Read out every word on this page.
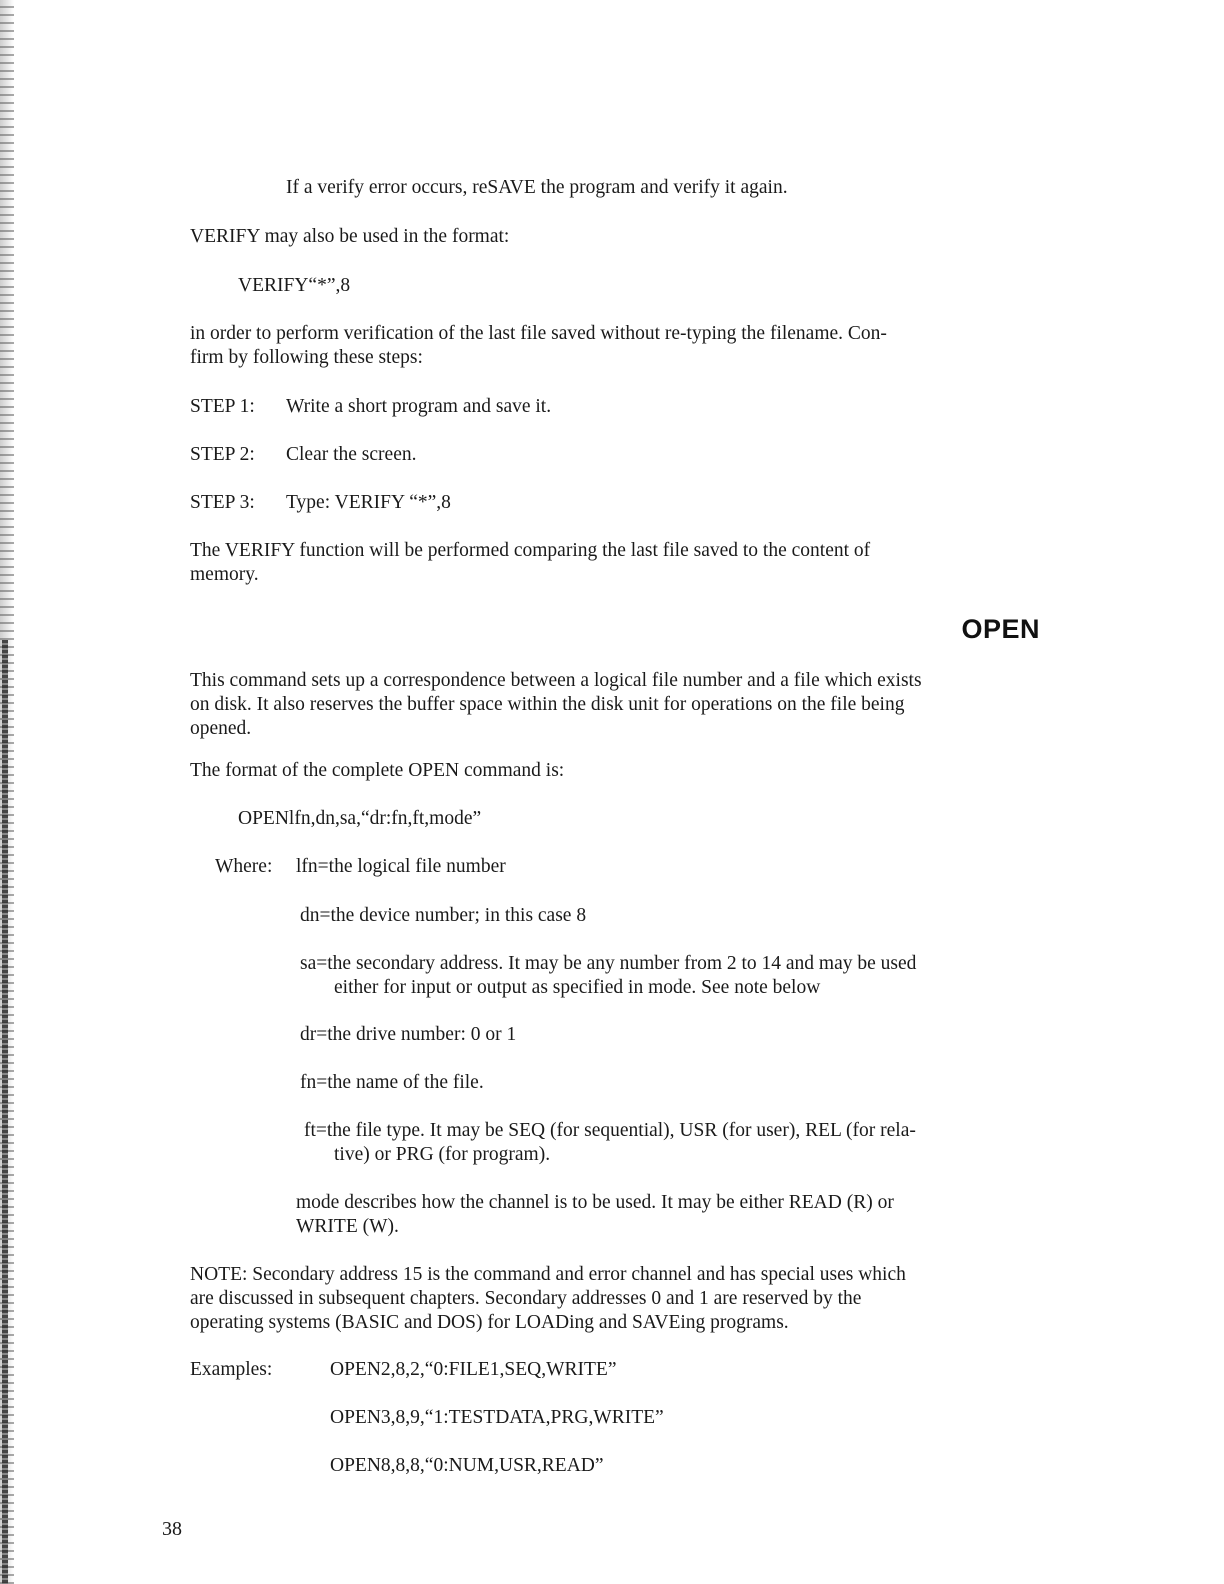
If a verify error occurs, reSAVE the program and verify it again.
VERIFY may also be used in the format:
VERIFY“*”,8
in order to perform verification of the last file saved without re-typing the filename. Con-
firm by following these steps:
STEP 1: Write a short program and save it.
STEP 2: Clear the screen.
STEP 3: Type: VERIFY “*”,8
The VERIFY function will be performed comparing the last file saved to the content of
memory.
OPEN
This command sets up a correspondence between a logical file number and a file which exists
on disk. It also reserves the buffer space within the disk unit for operations on the file being
opened.
The format of the complete OPEN command is:
OPENlfn,dn,sa,“dr:fn,ft,mode”
Where: lfn=the logical file number
dn=the device number; in this case 8
sa=the secondary address. It may be any number from 2 to 14 and may be used
either for input or output as specified in mode. See note below
dr=the drive number: 0 or 1
fn=the name of the file.
ft=the file type. It may be SEQ (for sequential), USR (for user), REL (for rela-
tive) or PRG (for program).
mode describes how the channel is to be used. It may be either READ (R) or
WRITE (W).
NOTE: Secondary address 15 is the command and error channel and has special uses which
are discussed in subsequent chapters. Secondary addresses 0 and 1 are reserved by the
operating systems (BASIC and DOS) for LOADing and SAVEing programs.
Examples:	OPEN2,8,2,“0:FILE1,SEQ,WRITE”
OPEN3,8,9,“1:TESTDATA,PRG,WRITE”
OPEN8,8,8,“0:NUM,USR,READ”
38
